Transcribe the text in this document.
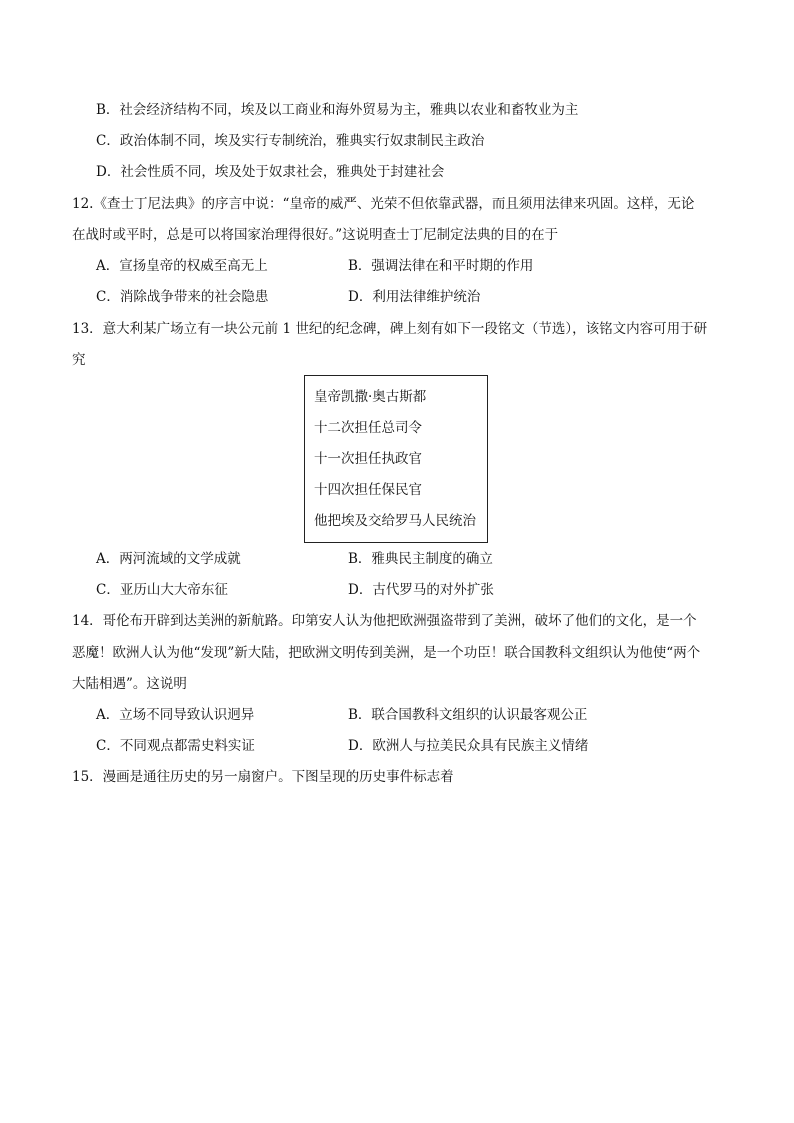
B．社会经济结构不同，埃及以工商业和海外贸易为主，雅典以农业和畜牧业为主
C．政治体制不同，埃及实行专制统治，雅典实行奴隶制民主政治
D．社会性质不同，埃及处于奴隶社会，雅典处于封建社会
12.《查士丁尼法典》的序言中说：“皇帝的威严、光荣不但依靠武器，而且须用法律来巩固。这样，无论
在战时或平时，总是可以将国家治理得很好。”这说明查士丁尼制定法典的目的在于
A．宣扬皇帝的权威至高无上	B．强调法律在和平时期的作用
C．消除战争带来的社会隐患	D．利用法律维护统治
13．意大利某广场立有一块公元前 1 世纪的纪念碑，碑上刻有如下一段铭文（节选），该铭文内容可用于研
究
皇帝凯撒·奥古斯都
十二次担任总司令
十一次担任执政官
十四次担任保民官
他把埃及交给罗马人民统治
A．两河流域的文学成就	B．雅典民主制度的确立
C．亚历山大大帝东征	D．古代罗马的对外扩张
14．哥伦布开辟到达美洲的新航路。印第安人认为他把欧洲强盗带到了美洲，破坏了他们的文化，是一个
恶魔！欧洲人认为他“发现”新大陆，把欧洲文明传到美洲，是一个功臣！联合国教科文组织认为他使“两个
大陆相遇”。这说明
A．立场不同导致认识迥异	B．联合国教科文组织的认识最客观公正
C．不同观点都需史料实证	D．欧洲人与拉美民众具有民族主义情绪
15．漫画是通往历史的另一扇窗户。下图呈现的历史事件标志着
